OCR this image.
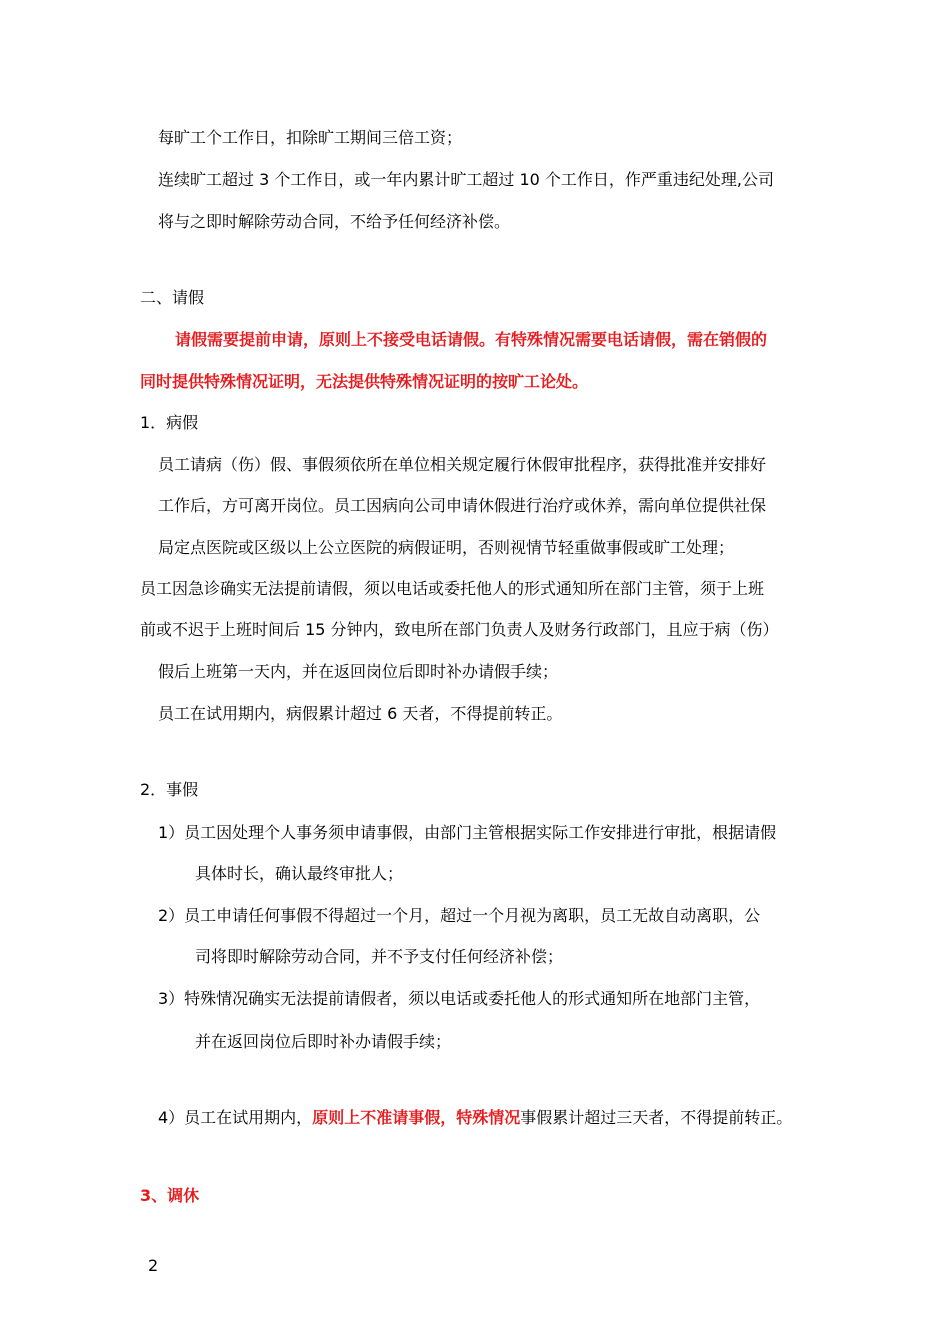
每旷工个工作日，扣除旷工期间三倍工资；
连续旷工超过 3 个工作日，或一年内累计旷工超过 10 个工作日，作严重违纪处理,公司
将与之即时解除劳动合同，不给予任何经济补偿。
二、请假
请假需要提前申请，原则上不接受电话请假。有特殊情况需要电话请假，需在销假的
同时提供特殊情况证明，无法提供特殊情况证明的按旷工论处。
1．病假
员工请病（伤）假、事假须依所在单位相关规定履行休假审批程序，获得批准并安排好
工作后，方可离开岗位。员工因病向公司申请休假进行治疗或休养，需向单位提供社保
局定点医院或区级以上公立医院的病假证明，否则视情节轻重做事假或旷工处理；
员工因急诊确实无法提前请假，须以电话或委托他人的形式通知所在部门主管，须于上班
前或不迟于上班时间后 15 分钟内，致电所在部门负责人及财务行政部门，且应于病（伤）
假后上班第一天内，并在返回岗位后即时补办请假手续；
员工在试用期内，病假累计超过 6 天者，不得提前转正。
2．事假
1）员工因处理个人事务须申请事假，由部门主管根据实际工作安排进行审批，根据请假
具体时长，确认最终审批人；
2）员工申请任何事假不得超过一个月，超过一个月视为离职，员工无故自动离职，公
司将即时解除劳动合同，并不予支付任何经济补偿；
3）特殊情况确实无法提前请假者，须以电话或委托他人的形式通知所在地部门主管，
并在返回岗位后即时补办请假手续；
4）员工在试用期内，原则上不准请事假，特殊情况事假累计超过三天者，不得提前转正。
3、调休
2
